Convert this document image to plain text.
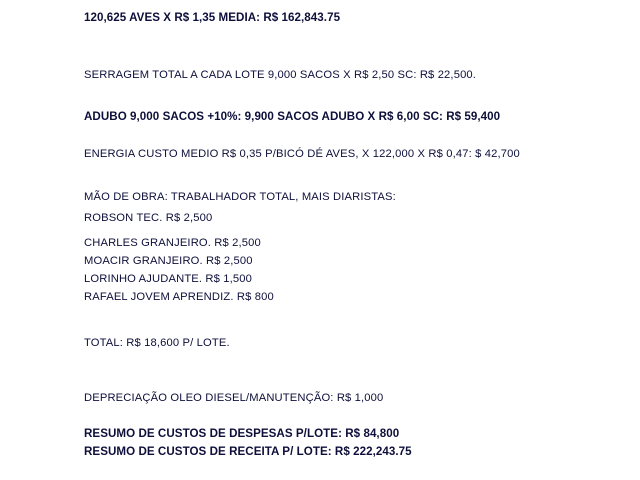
120,625 AVES X R$ 1,35 MEDIA: R$ 162,843.75
SERRAGEM TOTAL A CADA LOTE 9,000 SACOS X R$ 2,50 SC: R$ 22,500.
ADUBO 9,000 SACOS +10%: 9,900 SACOS ADUBO X R$ 6,00 SC: R$ 59,400
ENERGIA CUSTO MEDIO R$ 0,35 P/BICÓ DÉ AVES, X 122,000 X R$ 0,47: $ 42,700
MÃO DE OBRA: TRABALHADOR TOTAL, MAIS DIARISTAS:
ROBSON TEC. R$ 2,500
CHARLES GRANJEIRO. R$ 2,500
MOACIR GRANJEIRO. R$ 2,500
LORINHO AJUDANTE. R$ 1,500
RAFAEL JOVEM APRENDIZ. R$ 800
TOTAL: R$ 18,600 P/ LOTE.
DEPRECIAÇÃO OLEO DIESEL/MANUTENÇÃO: R$ 1,000
RESUMO DE CUSTOS DE DESPESAS P/LOTE: R$ 84,800
RESUMO DE CUSTOS DE RECEITA P/ LOTE: R$ 222,243.75
